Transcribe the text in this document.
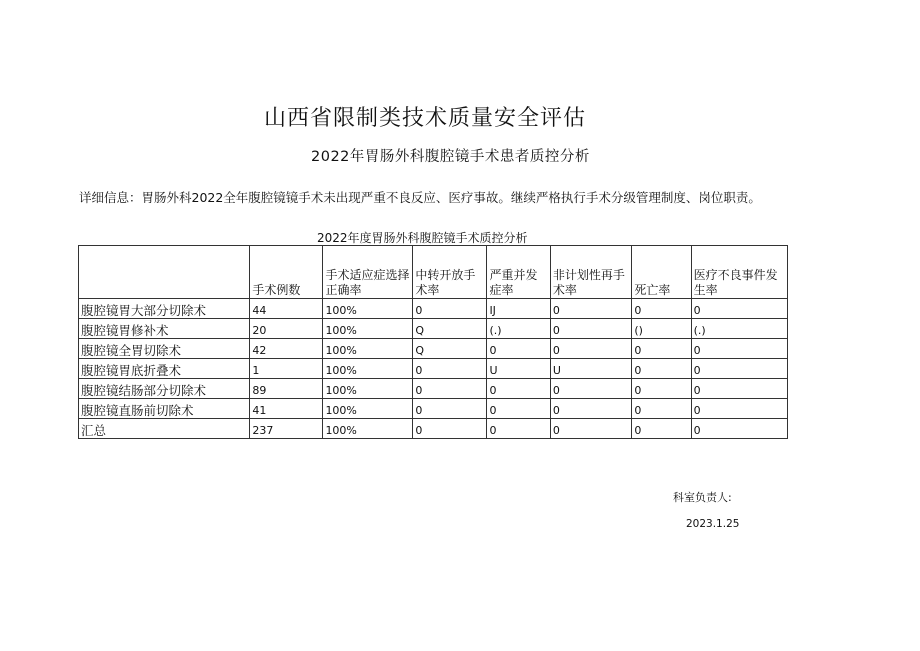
山西省限制类技术质量安全评估
2022年胃肠外科腹腔镜手术患者质控分析
详细信息：胃肠外科2022全年腹腔镜镜手术未出现严重不良反应、医疗事故。继续严格执行手术分级管理制度、岗位职责。
2022年度胃肠外科腹腔镜手术质控分析
	手术例数	手术适应症选择正确率	中转开放手术率	严重并发症率	非计划性再手术率	死亡率	医疗不良事件发生率
腹腔镜胃大部分切除术	44	100%	0	IJ	0	0	0
腹腔镜胃修补术	20	100%	Q	(.)	0	()	(.)
腹腔镜全胃切除术	42	100%	Q	0	0	0	0
腹腔镜胃底折叠术	1	100%	0	U	U	0	0
腹腔镜结肠部分切除术	89	100%	0	0	0	0	0
腹腔镜直肠前切除术	41	100%	0	0	0	0	0
汇总	237	100%	0	0	0	0	0
科室负责人:
2023.1.25
